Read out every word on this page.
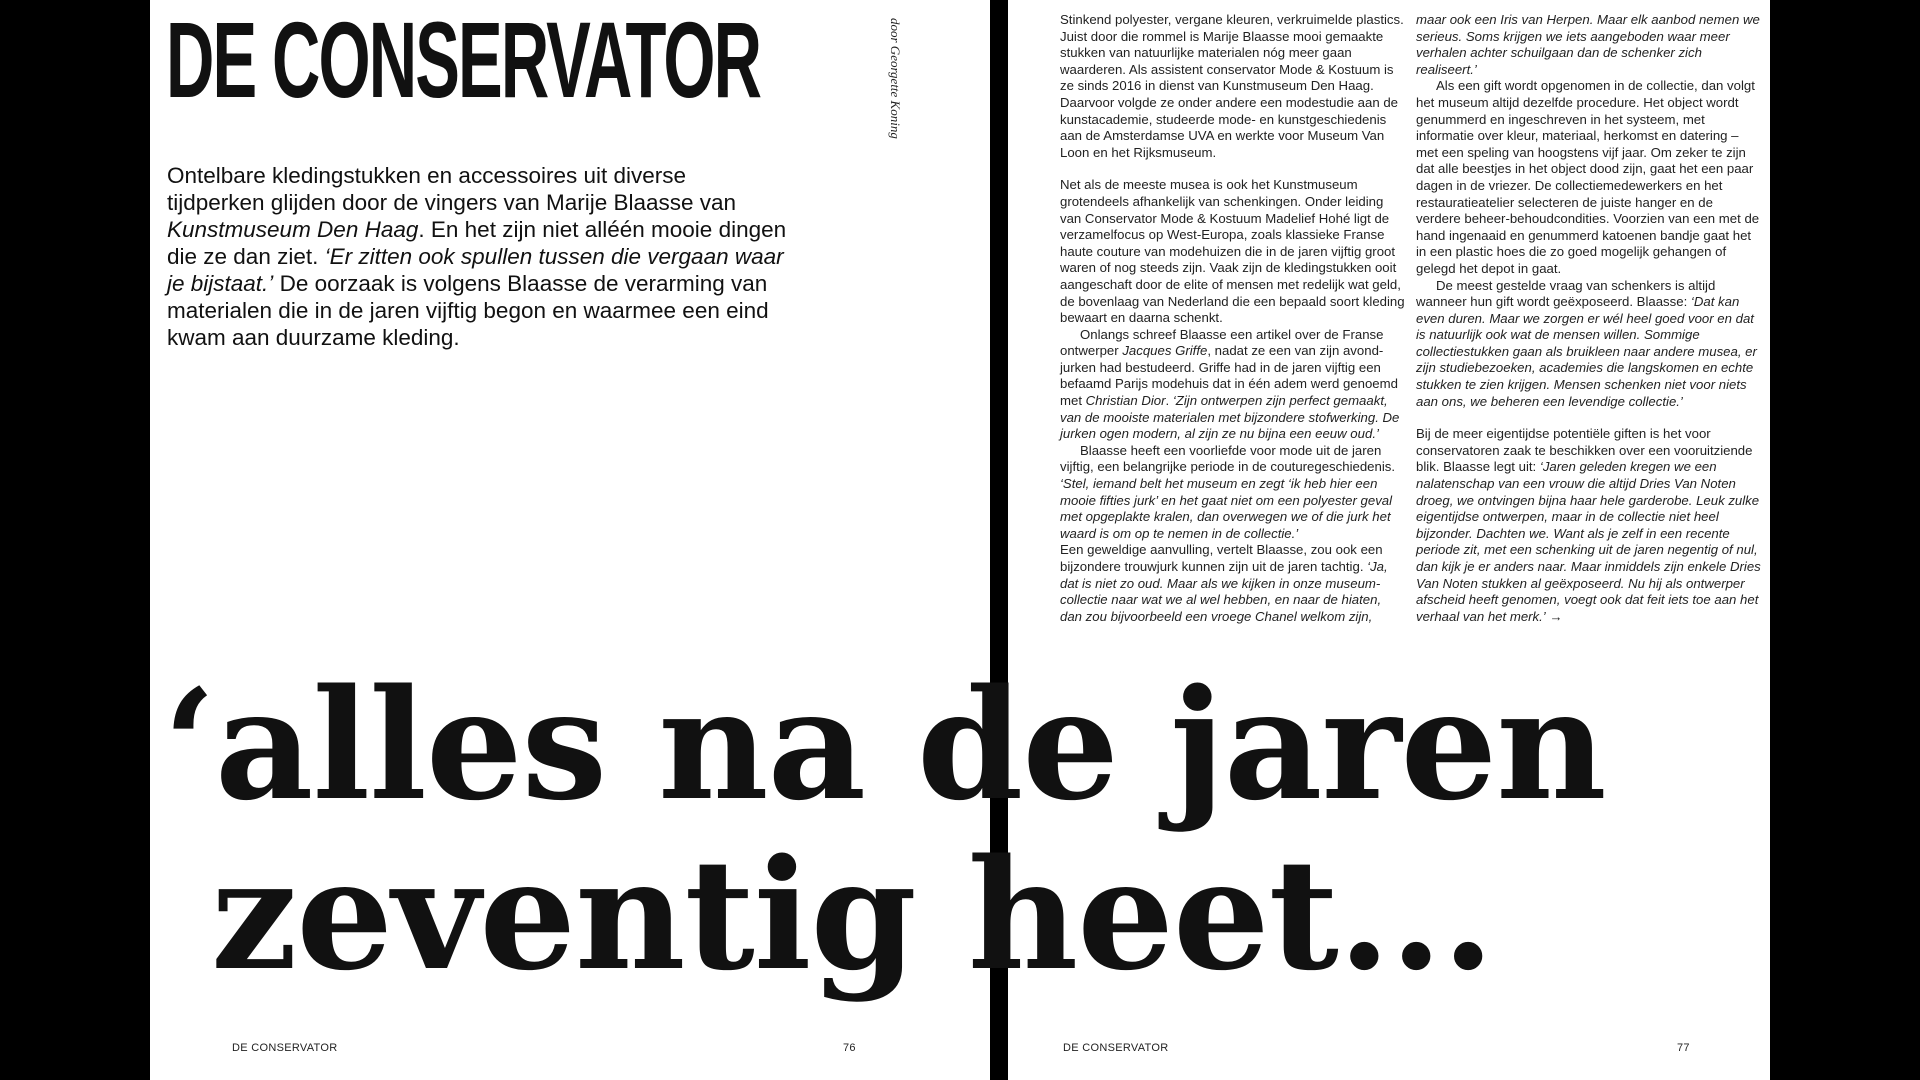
DE CONSERVATOR	door Georgette Koning

Ontelbare kledingstukken en accessoires uit diverse tijdperken glijden door de vingers van Marije Blaasse van Kunstmuseum Den Haag. En het zijn niet alléén mooie dingen die ze dan ziet. ‘Er zitten ook spullen tussen die vergaan waar je bijstaat.’ De oorzaak is volgens Blaasse de verarming van materialen die in de jaren vijftig begon en waarmee een eind kwam aan duurzame kleding.

Stinkend polyester, vergane kleuren, verkruimelde plastics. Juist door die rommel is Marije Blaasse mooi gemaakte stukken van natuurlijke materialen nóg meer gaan waarderen. Als assistent conservator Mode & Kostuum is ze sinds 2016 in dienst van Kunstmuseum Den Haag. Daarvoor volgde ze onder andere een modestudie aan de kunstacademie, studeerde mode- en kunstgeschiedenis aan de Amsterdamse UVA en werkte voor Museum Van Loon en het Rijksmuseum.

Net als de meeste musea is ook het Kunstmuseum grotendeels afhankelijk van schenkingen. Onder leiding van Conservator Mode & Kostuum Madelief Hohé ligt de verzamelfocus op West-Europa, zoals klassieke Franse haute couture van modehuizen die in de jaren vijftig groot waren of nog steeds zijn. Vaak zijn de kledingstukken ooit aangeschaft door de elite of mensen met redelijk wat geld, de bovenlaag van Nederland die een bepaald soort kleding bewaart en daarna schenkt.

Onlangs schreef Blaasse een artikel over de Franse ontwerper Jacques Griffe, nadat ze een van zijn avondjurken had bestudeerd. Griffe had in de jaren vijftig een befaamd Parijs modehuis dat in één adem werd genoemd met Christian Dior. ‘Zijn ontwerpen zijn perfect gemaakt, van de mooiste materialen met bijzondere stofwerking. De jurken ogen modern, al zijn ze nu bijna een eeuw oud.’

Blaasse heeft een voorliefde voor mode uit de jaren vijftig, een belangrijke periode in de couturegeschiedenis. ‘Stel, iemand belt het museum en zegt ‘ik heb hier een mooie fifties jurk’ en het gaat niet om een polyester geval met opgeplakte kralen, dan overwegen we of die jurk het waard is om op te nemen in de collectie.’

Een geweldige aanvulling, vertelt Blaasse, zou ook een bijzondere trouwjurk kunnen zijn uit de jaren tachtig. ‘Ja, dat is niet zo oud. Maar als we kijken in onze museumcollectie naar wat we al wel hebben, en naar de hiaten, dan zou bijvoorbeeld een vroege Chanel welkom zijn,

maar ook een Iris van Herpen. Maar elk aanbod nemen we serieus. Soms krijgen we iets aangeboden waar meer verhalen achter schuilgaan dan de schenker zich realiseert.’

Als een gift wordt opgenomen in de collectie, dan volgt het museum altijd dezelfde procedure. Het object wordt genummerd en ingeschreven in het systeem, met informatie over kleur, materiaal, herkomst en datering – met een speling van hoogstens vijf jaar. Om zeker te zijn dat alle beestjes in het object dood zijn, gaat het een paar dagen in de vriezer. De collectiemedewerkers en het restauratieatelier selecteren de juiste hanger en de verdere beheer-behoudcondities. Voorzien van een met de hand ingenaaid en genummerd katoenen bandje gaat het in een plastic hoes die zo goed mogelijk gehangen of gelegd het depot in gaat.

De meest gestelde vraag van schenkers is altijd wanneer hun gift wordt geëxposeerd. Blaasse: ‘Dat kan even duren. Maar we zorgen er wél heel goed voor en dat is natuurlijk ook wat de mensen willen. Sommige collectiestukken gaan als bruikleen naar andere musea, er zijn studiebezoeken, academies die langskomen en echte stukken te zien krijgen. Mensen schenken niet voor niets aan ons, we beheren een levendige collectie.’

Bij de meer eigentijdse potentiële giften is het voor conservatoren zaak te beschikken over een vooruitziende blik. Blaasse legt uit: ‘Jaren geleden kregen we een nalatenschap van een vrouw die altijd Dries Van Noten droeg, we ontvingen bijna haar hele garderobe. Leuk zulke eigentijdse ontwerpen, maar in de collectie niet heel bijzonder. Dachten we. Want als je zelf in een recente periode zit, met een schenking uit de jaren negentig of nul, dan kijk je er anders naar. Maar inmiddels zijn enkele Dries Van Noten stukken al geëxposeerd. Nu hij als ontwerper afscheid heeft genomen, voegt ook dat feit iets toe aan het verhaal van het merk.’ →

‘alles na de jaren
zeventig heet...
DE CONSERVATOR	76	DE CONSERVATOR	77
